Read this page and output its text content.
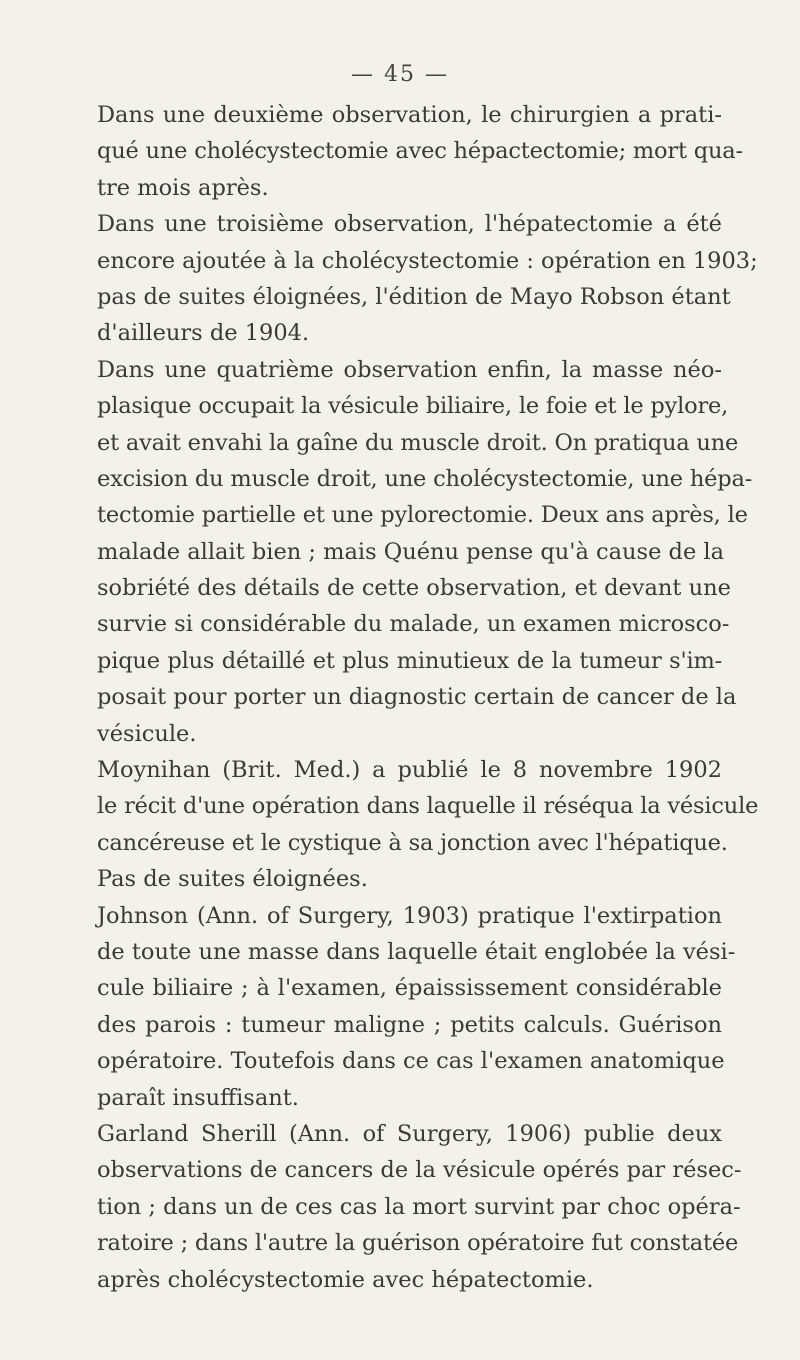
— 45 —
Dans une deuxième observation, le chirurgien a prati-
qué une cholécystectomie avec hépactectomie; mort qua-
tre mois après.
Dans une troisième observation, l'hépatectomie a été
encore ajoutée à la cholécystectomie : opération en 1903;
pas de suites éloignées, l'édition de Mayo Robson étant
d'ailleurs de 1904.
Dans une quatrième observation enfin, la masse néo-
plasique occupait la vésicule biliaire, le foie et le pylore,
et avait envahi la gaîne du muscle droit. On pratiqua une
excision du muscle droit, une cholécystectomie, une hépa-
tectomie partielle et une pylorectomie. Deux ans après, le
malade allait bien ; mais Quénu pense qu'à cause de la
sobriété des détails de cette observation, et devant une
survie si considérable du malade, un examen microsco-
pique plus détaillé et plus minutieux de la tumeur s'im-
posait pour porter un diagnostic certain de cancer de la
vésicule.
Moynihan (Brit. Med.) a publié le 8 novembre 1902
le récit d'une opération dans laquelle il réséqua la vésicule
cancéreuse et le cystique à sa jonction avec l'hépatique.
Pas de suites éloignées.
Johnson (Ann. of Surgery, 1903) pratique l'extirpation
de toute une masse dans laquelle était englobée la vési-
cule biliaire ; à l'examen, épaississement considérable
des parois : tumeur maligne ; petits calculs. Guérison
opératoire. Toutefois dans ce cas l'examen anatomique
paraît insuffisant.
Garland Sherill (Ann. of Surgery, 1906) publie deux
observations de cancers de la vésicule opérés par résec-
tion ; dans un de ces cas la mort survint par choc opéra-
ratoire ; dans l'autre la guérison opératoire fut constatée
après cholécystectomie avec hépatectomie.
